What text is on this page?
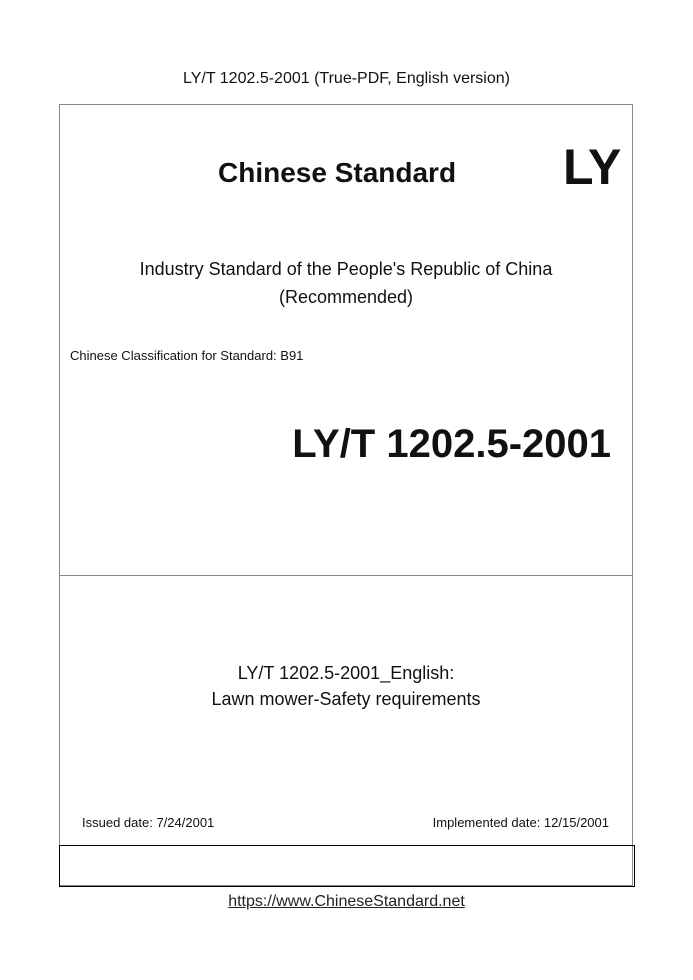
LY/T 1202.5-2001 (True-PDF, English version)
Chinese Standard LY
Industry Standard of the People's Republic of China
(Recommended)
Chinese Classification for Standard: B91
LY/T 1202.5-2001
LY/T 1202.5-2001_English:
Lawn mower-Safety requirements
Issued date: 7/24/2001	Implemented date: 12/15/2001
https://www.ChineseStandard.net
